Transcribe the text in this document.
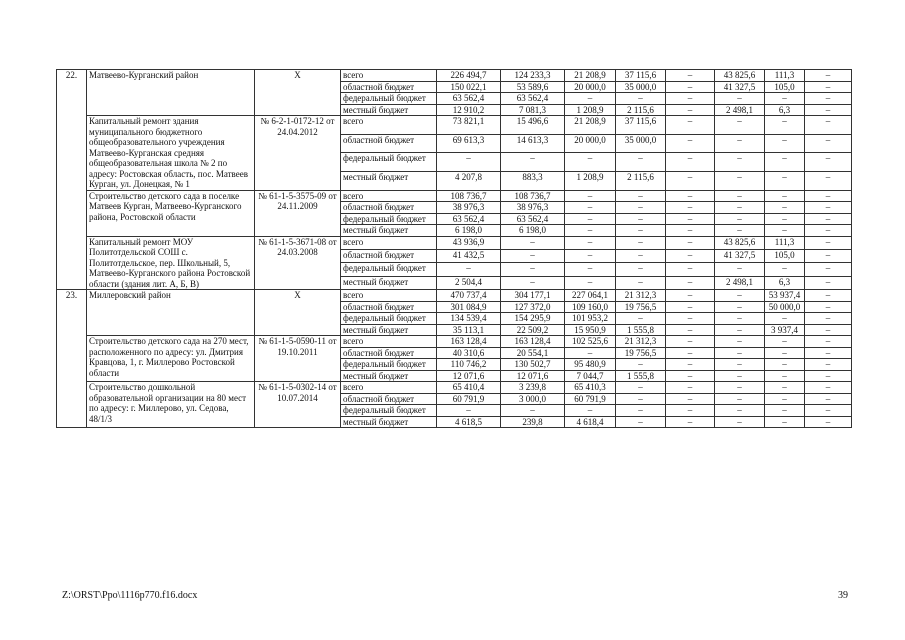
22.	Матвеево-Курганский район	Х	всего	226 494,7	124 233,3	21 208,9	37 115,6	–	43 825,6	111,3	–
			областной бюджет	150 022,1	53 589,6	20 000,0	35 000,0	–	41 327,5	105,0	–
			федеральный бюджет	63 562,4	63 562,4	–	–	–	–	–	–
			местный бюджет	12 910,2	7 081,3	1 208,9	2 115,6	–	2 498,1	6,3	–
	Капитальный ремонт здания муниципального бюджетного общеобразовательного учреждения Матвеево-Курганская средняя общеобразовательная школа № 2 по адресу: Ростовская область, пос. Матвеев Курган, ул. Донецкая, № 1	№ 6-2-1-0172-12 от 24.04.2012	всего	73 821,1	15 496,6	21 208,9	37 115,6	–	–	–	–
			областной бюджет	69 613,3	14 613,3	20 000,0	35 000,0	–	–	–	–
			федеральный бюджет	–	–	–	–	–	–	–	–
			местный бюджет	4 207,8	883,3	1 208,9	2 115,6	–	–	–	–
	Строительство детского сада в поселке Матвеев Курган, Матвеево-Курганского района, Ростовской области	№ 61-1-5-3575-09 от 24.11.2009	всего	108 736,7	108 736,7	–	–	–	–	–	–
			областной бюджет	38 976,3	38 976,3	–	–	–	–	–	–
			федеральный бюджет	63 562,4	63 562,4	–	–	–	–	–	–
			местный бюджет	6 198,0	6 198,0	–	–	–	–	–	–
	Капитальный ремонт МОУ Политотдельской СОШ с. Политотдельское, пер. Школьный, 5, Матвеево-Курганского района Ростовской области (здания лит. А, Б, В)	№ 61-1-5-3671-08 от 24.03.2008	всего	43 936,9	–	–	–	–	43 825,6	111,3	–
			областной бюджет	41 432,5	–	–	–	–	41 327,5	105,0	–
			федеральный бюджет	–	–	–	–	–	–	–	–
			местный бюджет	2 504,4	–	–	–	–	2 498,1	6,3	–
23.	Миллеровский район	Х	всего	470 737,4	304 177,1	227 064,1	21 312,3	–	–	53 937,4	–
			областной бюджет	301 084,9	127 372,0	109 160,0	19 756,5	–	–	50 000,0	–
			федеральный бюджет	134 539,4	154 295,9	101 953,2	–	–	–	–	–
			местный бюджет	35 113,1	22 509,2	15 950,9	1 555,8	–	–	3 937,4	–
	Строительство детского сада на 270 мест, расположенного по адресу: ул. Дмитрия Кравцова, 1, г. Миллерово Ростовской области	№ 61-1-5-0590-11 от 19.10.2011	всего	163 128,4	163 128,4	102 525,6	21 312,3	–	–	–	–
			областной бюджет	40 310,6	20 554,1	–	19 756,5	–	–	–	–
			федеральный бюджет	110 746,2	130 502,7	95 480,9	–	–	–	–	–
			местный бюджет	12 071,6	12 071,6	7 044,7	1 555,8	–	–	–	–
	Строительство дошкольной образовательной организации на 80 мест по адресу: г. Миллерово, ул. Седова, 48/1/3	№ 61-1-5-0302-14 от 10.07.2014	всего	65 410,4	3 239,8	65 410,3	–	–	–	–	–
			областной бюджет	60 791,9	3 000,0	60 791,9	–	–	–	–	–
			федеральный бюджет	–	–	–	–	–	–	–	–
			местный бюджет	4 618,5	239,8	4 618,4	–	–	–	–	–
Z:\ORST\Ppo\1116p770.f16.docx	39
